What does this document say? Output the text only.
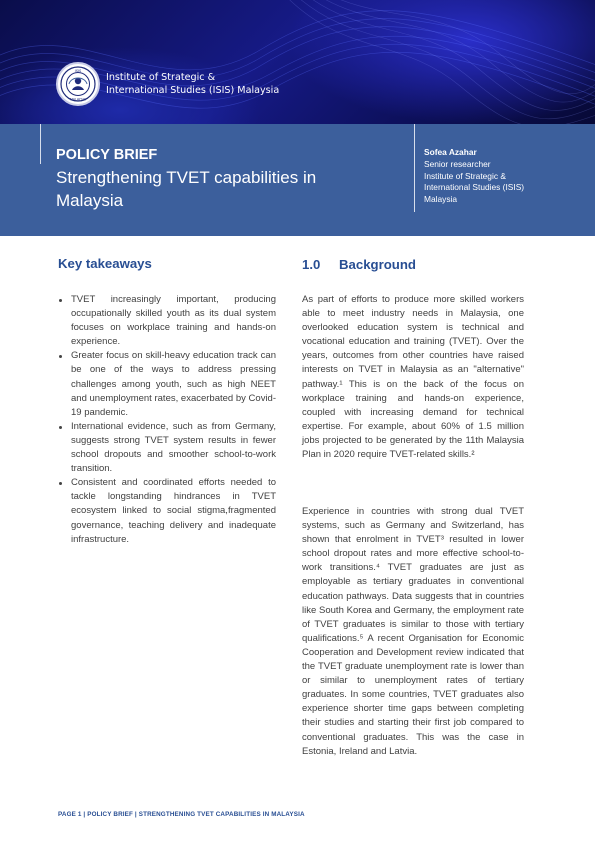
ISIS
MALAYSIA
Institute of Strategic &
International Studies (ISIS) Malaysia
POLICY BRIEF
Strengthening TVET capabilities in Malaysia
Sofea Azahar
Senior researcher
Institute of Strategic &
International Studies (ISIS)
Malaysia
Key takeaways
TVET increasingly important, producing occupationally skilled youth as its dual system focuses on workplace training and hands-on experience.
Greater focus on skill-heavy education track can be one of the ways to address pressing challenges among youth, such as high NEET and unemployment rates, exacerbated by Covid-19 pandemic.
International evidence, such as from Germany, suggests strong TVET system results in fewer school dropouts and smoother school-to-work transition.
Consistent and coordinated efforts needed to tackle longstanding hindrances in TVET ecosystem linked to social stigma,fragmented governance, teaching delivery and inadequate infrastructure.
1.0 Background

As part of efforts to produce more skilled workers able to meet industry needs in Malaysia, one overlooked education system is technical and vocational education and training (TVET). Over the years, outcomes from other countries have raised interests on TVET in Malaysia as an "alternative" pathway.¹ This is on the back of the focus on workplace training and hands-on experience, coupled with increasing demand for technical expertise. For example, about 60% of 1.5 million jobs projected to be generated by the 11th Malaysia Plan in 2020 require TVET-related skills.²

Experience in countries with strong dual TVET systems, such as Germany and Switzerland, has shown that enrolment in TVET³ resulted in lower school dropout rates and more effective school-to-work transitions.⁴ TVET graduates are just as employable as tertiary graduates in conventional education pathways. Data suggests that in countries like South Korea and Germany, the employment rate of TVET graduates is similar to those with tertiary qualifications.⁵ A recent Organisation for Economic Cooperation and Development review indicated that the TVET graduate unemployment rate is lower than or similar to unemployment rates of tertiary graduates. In some countries, TVET graduates also experience shorter time gaps between completing their studies and starting their first job compared to conventional graduates. This was the case in Estonia, Ireland and Latvia.

PAGE 1 | POLICY BRIEF | STRENGTHENING TVET CAPABILITIES IN MALAYSIA
